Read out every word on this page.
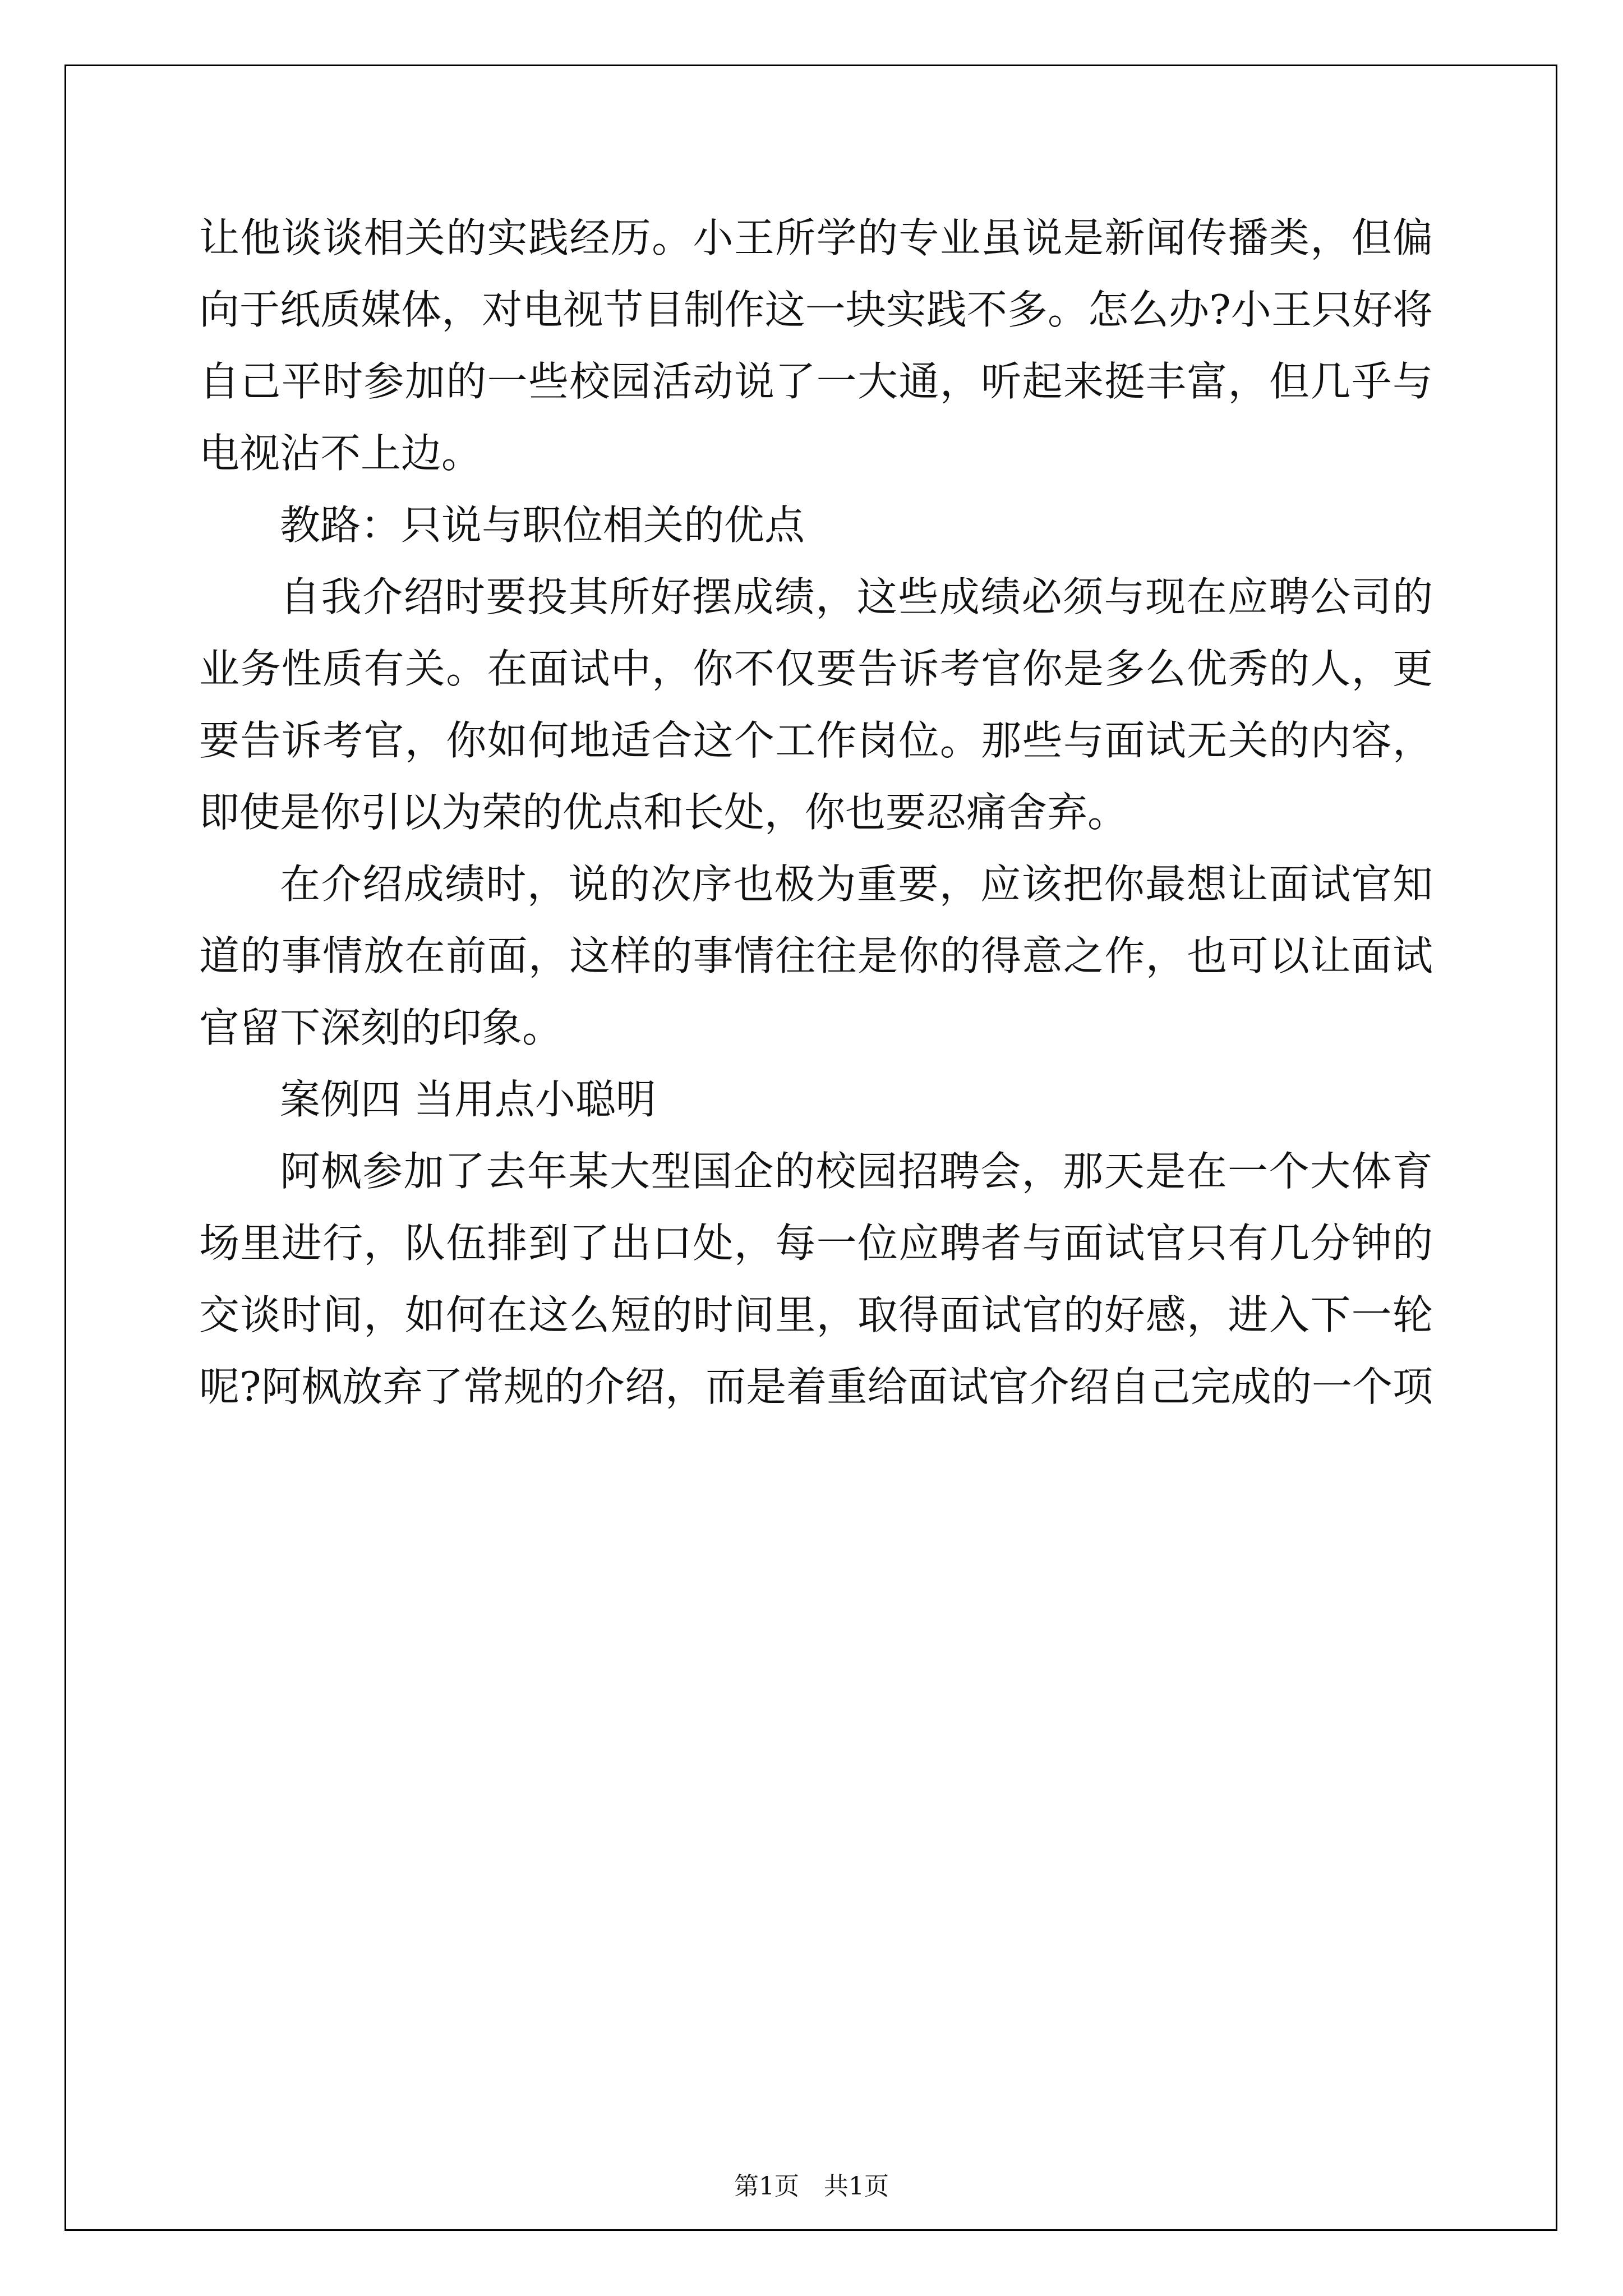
让他谈谈相关的实践经历。小王所学的专业虽说是新闻传播类，但偏
向于纸质媒体，对电视节目制作这一块实践不多。怎么办?小王只好将
自己平时参加的一些校园活动说了一大通，听起来挺丰富，但几乎与
电视沾不上边。
教路：只说与职位相关的优点
自我介绍时要投其所好摆成绩，这些成绩必须与现在应聘公司的
业务性质有关。在面试中，你不仅要告诉考官你是多么优秀的人，更
要告诉考官，你如何地适合这个工作岗位。那些与面试无关的内容，
即使是你引以为荣的优点和长处，你也要忍痛舍弃。
在介绍成绩时，说的次序也极为重要，应该把你最想让面试官知
道的事情放在前面，这样的事情往往是你的得意之作，也可以让面试
官留下深刻的印象。
案例四 当用点小聪明
阿枫参加了去年某大型国企的校园招聘会，那天是在一个大体育
场里进行，队伍排到了出口处，每一位应聘者与面试官只有几分钟的
交谈时间，如何在这么短的时间里，取得面试官的好感，进入下一轮
呢?阿枫放弃了常规的介绍，而是着重给面试官介绍自己完成的一个项
第1页　共1页
